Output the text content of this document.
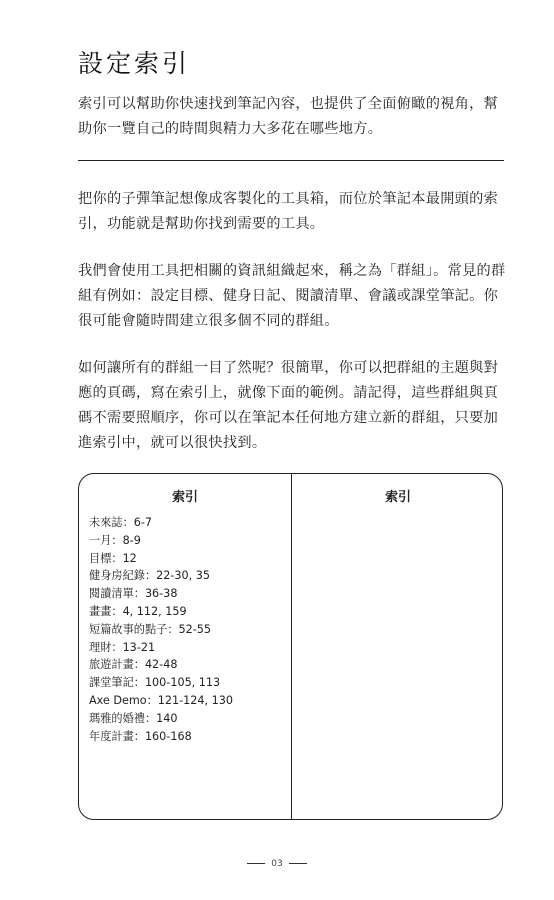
設定索引

索引可以幫助你快速找到筆記內容，也提供了全面俯瞰的視角，幫助你一覽自己的時間與精力大多花在哪些地方。

把你的子彈筆記想像成客製化的工具箱，而位於筆記本最開頭的索引，功能就是幫助你找到需要的工具。

我們會使用工具把相關的資訊組織起來，稱之為「群組」。常見的群組有例如：設定目標、健身日記、閱讀清單、會議或課堂筆記。你很可能會隨時間建立很多個不同的群組。

如何讓所有的群組一目了然呢？很簡單，你可以把群組的主題與對應的頁碼，寫在索引上，就像下面的範例。請記得，這些群組與頁碼不需要照順序，你可以在筆記本任何地方建立新的群組，只要加進索引中，就可以很快找到。

索引
未來誌：6-7
一月：8-9
目標：12
健身房紀錄：22-30, 35
閱讀清單：36-38
畫畫：4, 112, 159
短篇故事的點子：52-55
理財：13-21
旅遊計畫：42-48
課堂筆記：100-105, 113
Axe Demo：121-124, 130
瑪雅的婚禮：140
年度計畫：160-168
索引
03
